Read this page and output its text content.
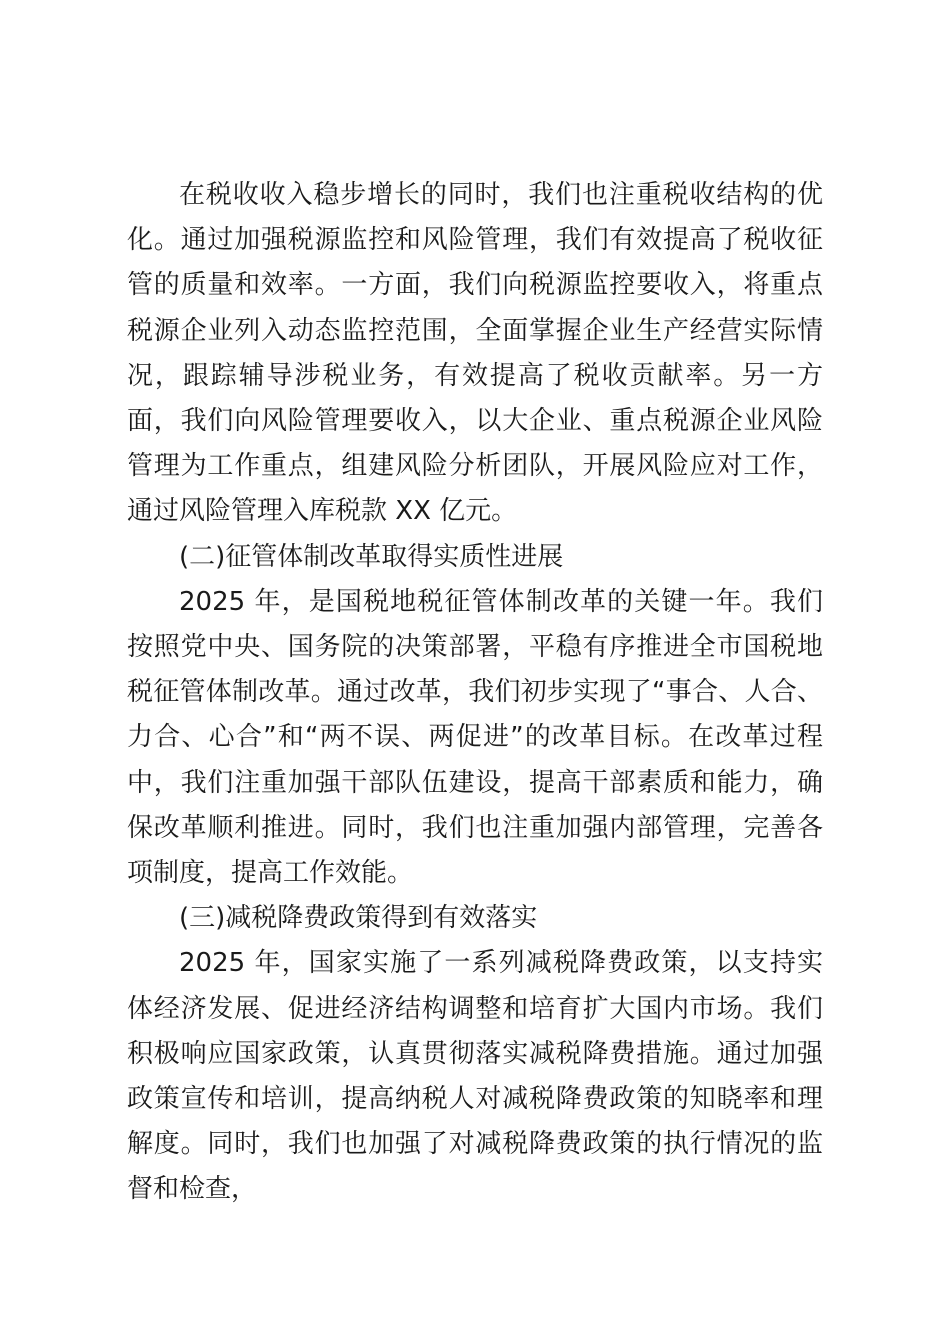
在税收收入稳步增长的同时，我们也注重税收结构的优化。通过加强税源监控和风险管理，我们有效提高了税收征管的质量和效率。一方面，我们向税源监控要收入，将重点税源企业列入动态监控范围，全面掌握企业生产经营实际情况，跟踪辅导涉税业务，有效提高了税收贡献率。另一方面，我们向风险管理要收入，以大企业、重点税源企业风险管理为工作重点，组建风险分析团队，开展风险应对工作，通过风险管理入库税款 XX 亿元。

(二)征管体制改革取得实质性进展

2025 年，是国税地税征管体制改革的关键一年。我们按照党中央、国务院的决策部署，平稳有序推进全市国税地税征管体制改革。通过改革，我们初步实现了“事合、人合、力合、心合”和“两不误、两促进”的改革目标。在改革过程中，我们注重加强干部队伍建设，提高干部素质和能力，确保改革顺利推进。同时，我们也注重加强内部管理，完善各项制度，提高工作效能。

(三)减税降费政策得到有效落实

2025 年，国家实施了一系列减税降费政策，以支持实体经济发展、促进经济结构调整和培育扩大国内市场。我们积极响应国家政策，认真贯彻落实减税降费措施。通过加强政策宣传和培训，提高纳税人对减税降费政策的知晓率和理解度。同时，我们也加强了对减税降费政策的执行情况的监督和检查，
